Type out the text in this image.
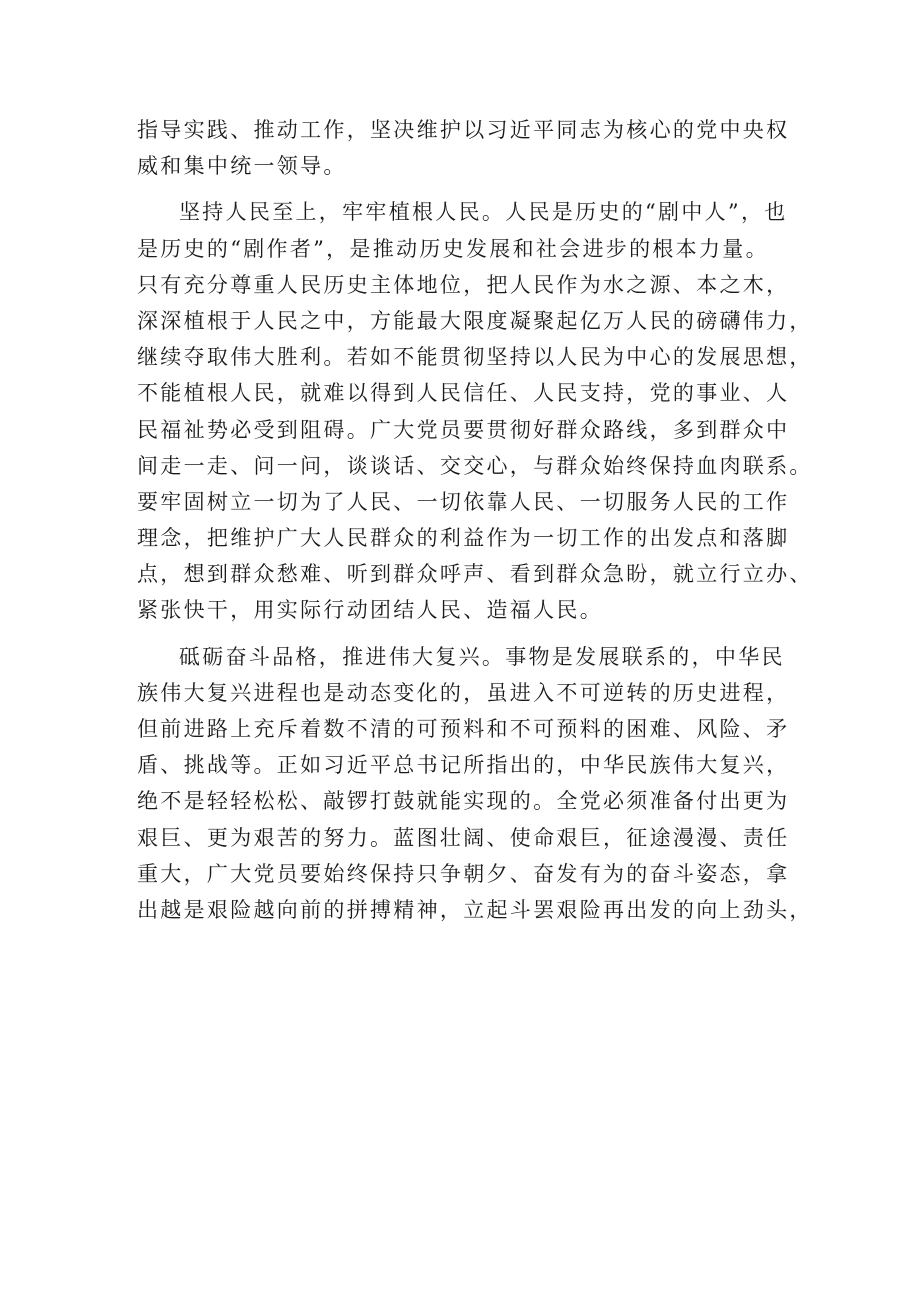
指导实践、推动工作，坚决维护以习近平同志为核心的党中央权
威和集中统一领导。
坚持人民至上，牢牢植根人民。人民是历史的“剧中人”，也
是历史的“剧作者”，是推动历史发展和社会进步的根本力量。
只有充分尊重人民历史主体地位，把人民作为水之源、本之木，
深深植根于人民之中，方能最大限度凝聚起亿万人民的磅礴伟力，
继续夺取伟大胜利。若如不能贯彻坚持以人民为中心的发展思想，
不能植根人民，就难以得到人民信任、人民支持，党的事业、人
民福祉势必受到阻碍。广大党员要贯彻好群众路线，多到群众中
间走一走、问一问，谈谈话、交交心，与群众始终保持血肉联系。
要牢固树立一切为了人民、一切依靠人民、一切服务人民的工作
理念，把维护广大人民群众的利益作为一切工作的出发点和落脚
点，想到群众愁难、听到群众呼声、看到群众急盼，就立行立办、
紧张快干，用实际行动团结人民、造福人民。
砥砺奋斗品格，推进伟大复兴。事物是发展联系的，中华民
族伟大复兴进程也是动态变化的，虽进入不可逆转的历史进程，
但前进路上充斥着数不清的可预料和不可预料的困难、风险、矛
盾、挑战等。正如习近平总书记所指出的，中华民族伟大复兴，
绝不是轻轻松松、敲锣打鼓就能实现的。全党必须准备付出更为
艰巨、更为艰苦的努力。蓝图壮阔、使命艰巨，征途漫漫、责任
重大，广大党员要始终保持只争朝夕、奋发有为的奋斗姿态，拿
出越是艰险越向前的拼搏精神，立起斗罢艰险再出发的向上劲头，
